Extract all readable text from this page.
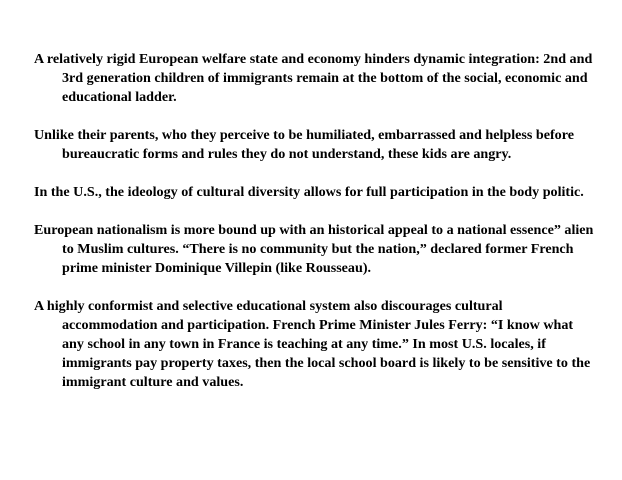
A relatively rigid European welfare state and economy hinders dynamic integration: 2nd and 3rd generation children of immigrants remain at the bottom of the social, economic and educational ladder.

Unlike their parents, who they perceive to be humiliated, embarrassed and helpless before bureaucratic forms and rules they do not understand, these kids are angry.

In the U.S., the ideology of cultural diversity allows for full participation in the body politic.

European nationalism is more bound up with an historical appeal to a national essence” alien to Muslim cultures. “There is no community but the nation,” declared former French prime minister Dominique Villepin (like Rousseau).

A highly conformist and selective educational system also discourages cultural accommodation and participation. French Prime Minister Jules Ferry: “I know what any school in any town in France is teaching at any time.” In most U.S. locales, if immigrants pay property taxes, then the local school board is likely to be sensitive to the immigrant culture and values.
